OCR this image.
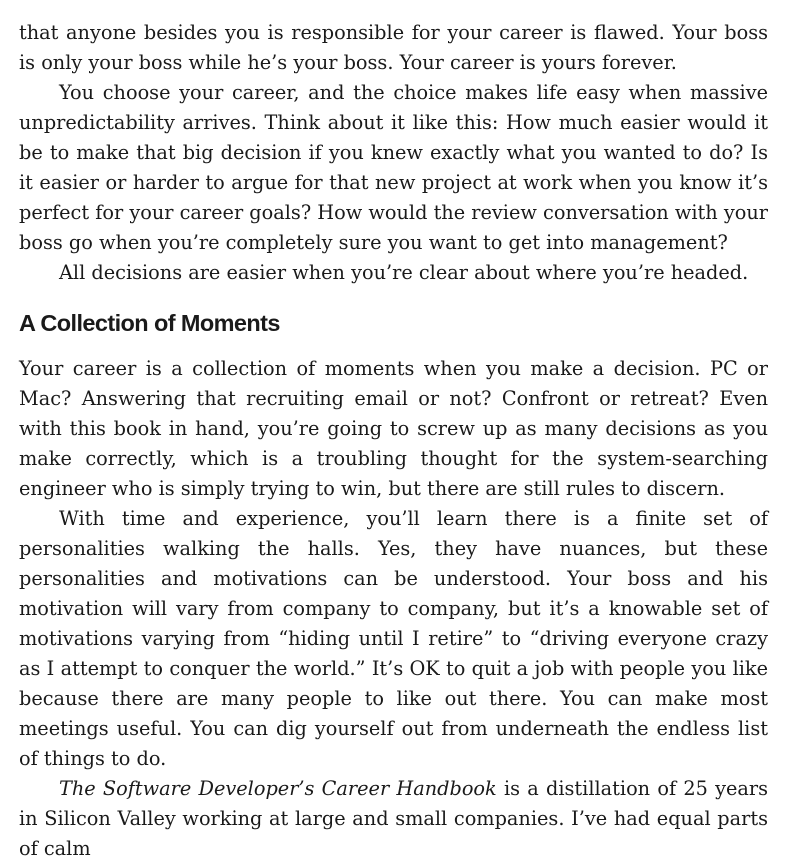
that anyone besides you is responsible for your career is flawed. Your boss is only your boss while he’s your boss. Your career is yours forever.

You choose your career, and the choice makes life easy when massive unpredictability arrives. Think about it like this: How much easier would it be to make that big decision if you knew exactly what you wanted to do? Is it easier or harder to argue for that new project at work when you know it’s perfect for your career goals? How would the review conversation with your boss go when you’re completely sure you want to get into management?

All decisions are easier when you’re clear about where you’re headed.

A Collection of Moments

Your career is a collection of moments when you make a decision. PC or Mac? Answering that recruiting email or not? Confront or retreat? Even with this book in hand, you’re going to screw up as many decisions as you make correctly, which is a troubling thought for the system-searching engineer who is simply trying to win, but there are still rules to discern.

With time and experience, you’ll learn there is a finite set of personalities walking the halls. Yes, they have nuances, but these personalities and motivations can be understood. Your boss and his motivation will vary from company to company, but it’s a knowable set of motivations varying from “hiding until I retire” to “driving everyone crazy as I attempt to conquer the world.” It’s OK to quit a job with people you like because there are many people to like out there. You can make most meetings useful. You can dig yourself out from underneath the endless list of things to do.

The Software Developer’s Career Handbook is a distillation of 25 years in Silicon Valley working at large and small companies. I’ve had equal parts of calm
